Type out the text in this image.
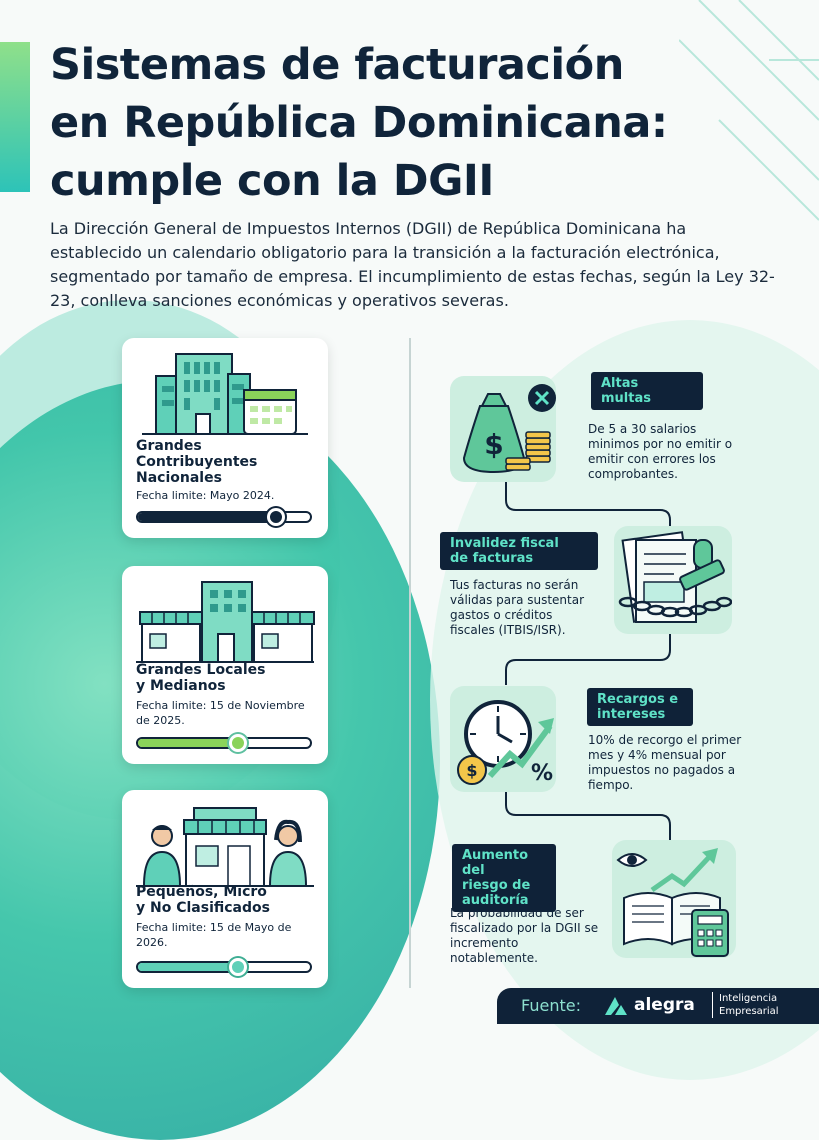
Sistemas de facturación
en República Dominicana:
cumple con la DGII

La Dirección General de Impuestos Internos (DGII) de República Dominicana ha establecido un calendario obligatorio para la transición a la facturación electrónica, segmentado por tamaño de empresa. El incumplimiento de estas fechas, según la Ley 32-23, conlleva sanciones económicas y operativos severas.

Grandes
Contribuyentes
Nacionales

Fecha limite: Mayo 2024.

Grandes Locales
y Medianos

Fecha limite: 15 de Noviembre de 2025.

Pequeños, Micro
y No Clasificados

Fecha limite: 15 de Mayo de 2026.

$
Altas
multas

De 5 a 30 salarios minimos por no emitir o emitir con errores los comprobantes.

Invalidez fiscal
de facturas

Tus facturas no serán válidas para sustentar gastos o créditos fiscales (ITBIS/ISR).

$ %
Recargos e
intereses

10% de recorgo el primer mes y 4% mensual por impuestos no pagados a fiempo.

Aumento del
riesgo de
auditoría

La probabilidad de ser fiscalizado por la DGII se incremento notablemente.

Fuente:	alegra	Inteligencia
Empresarial
